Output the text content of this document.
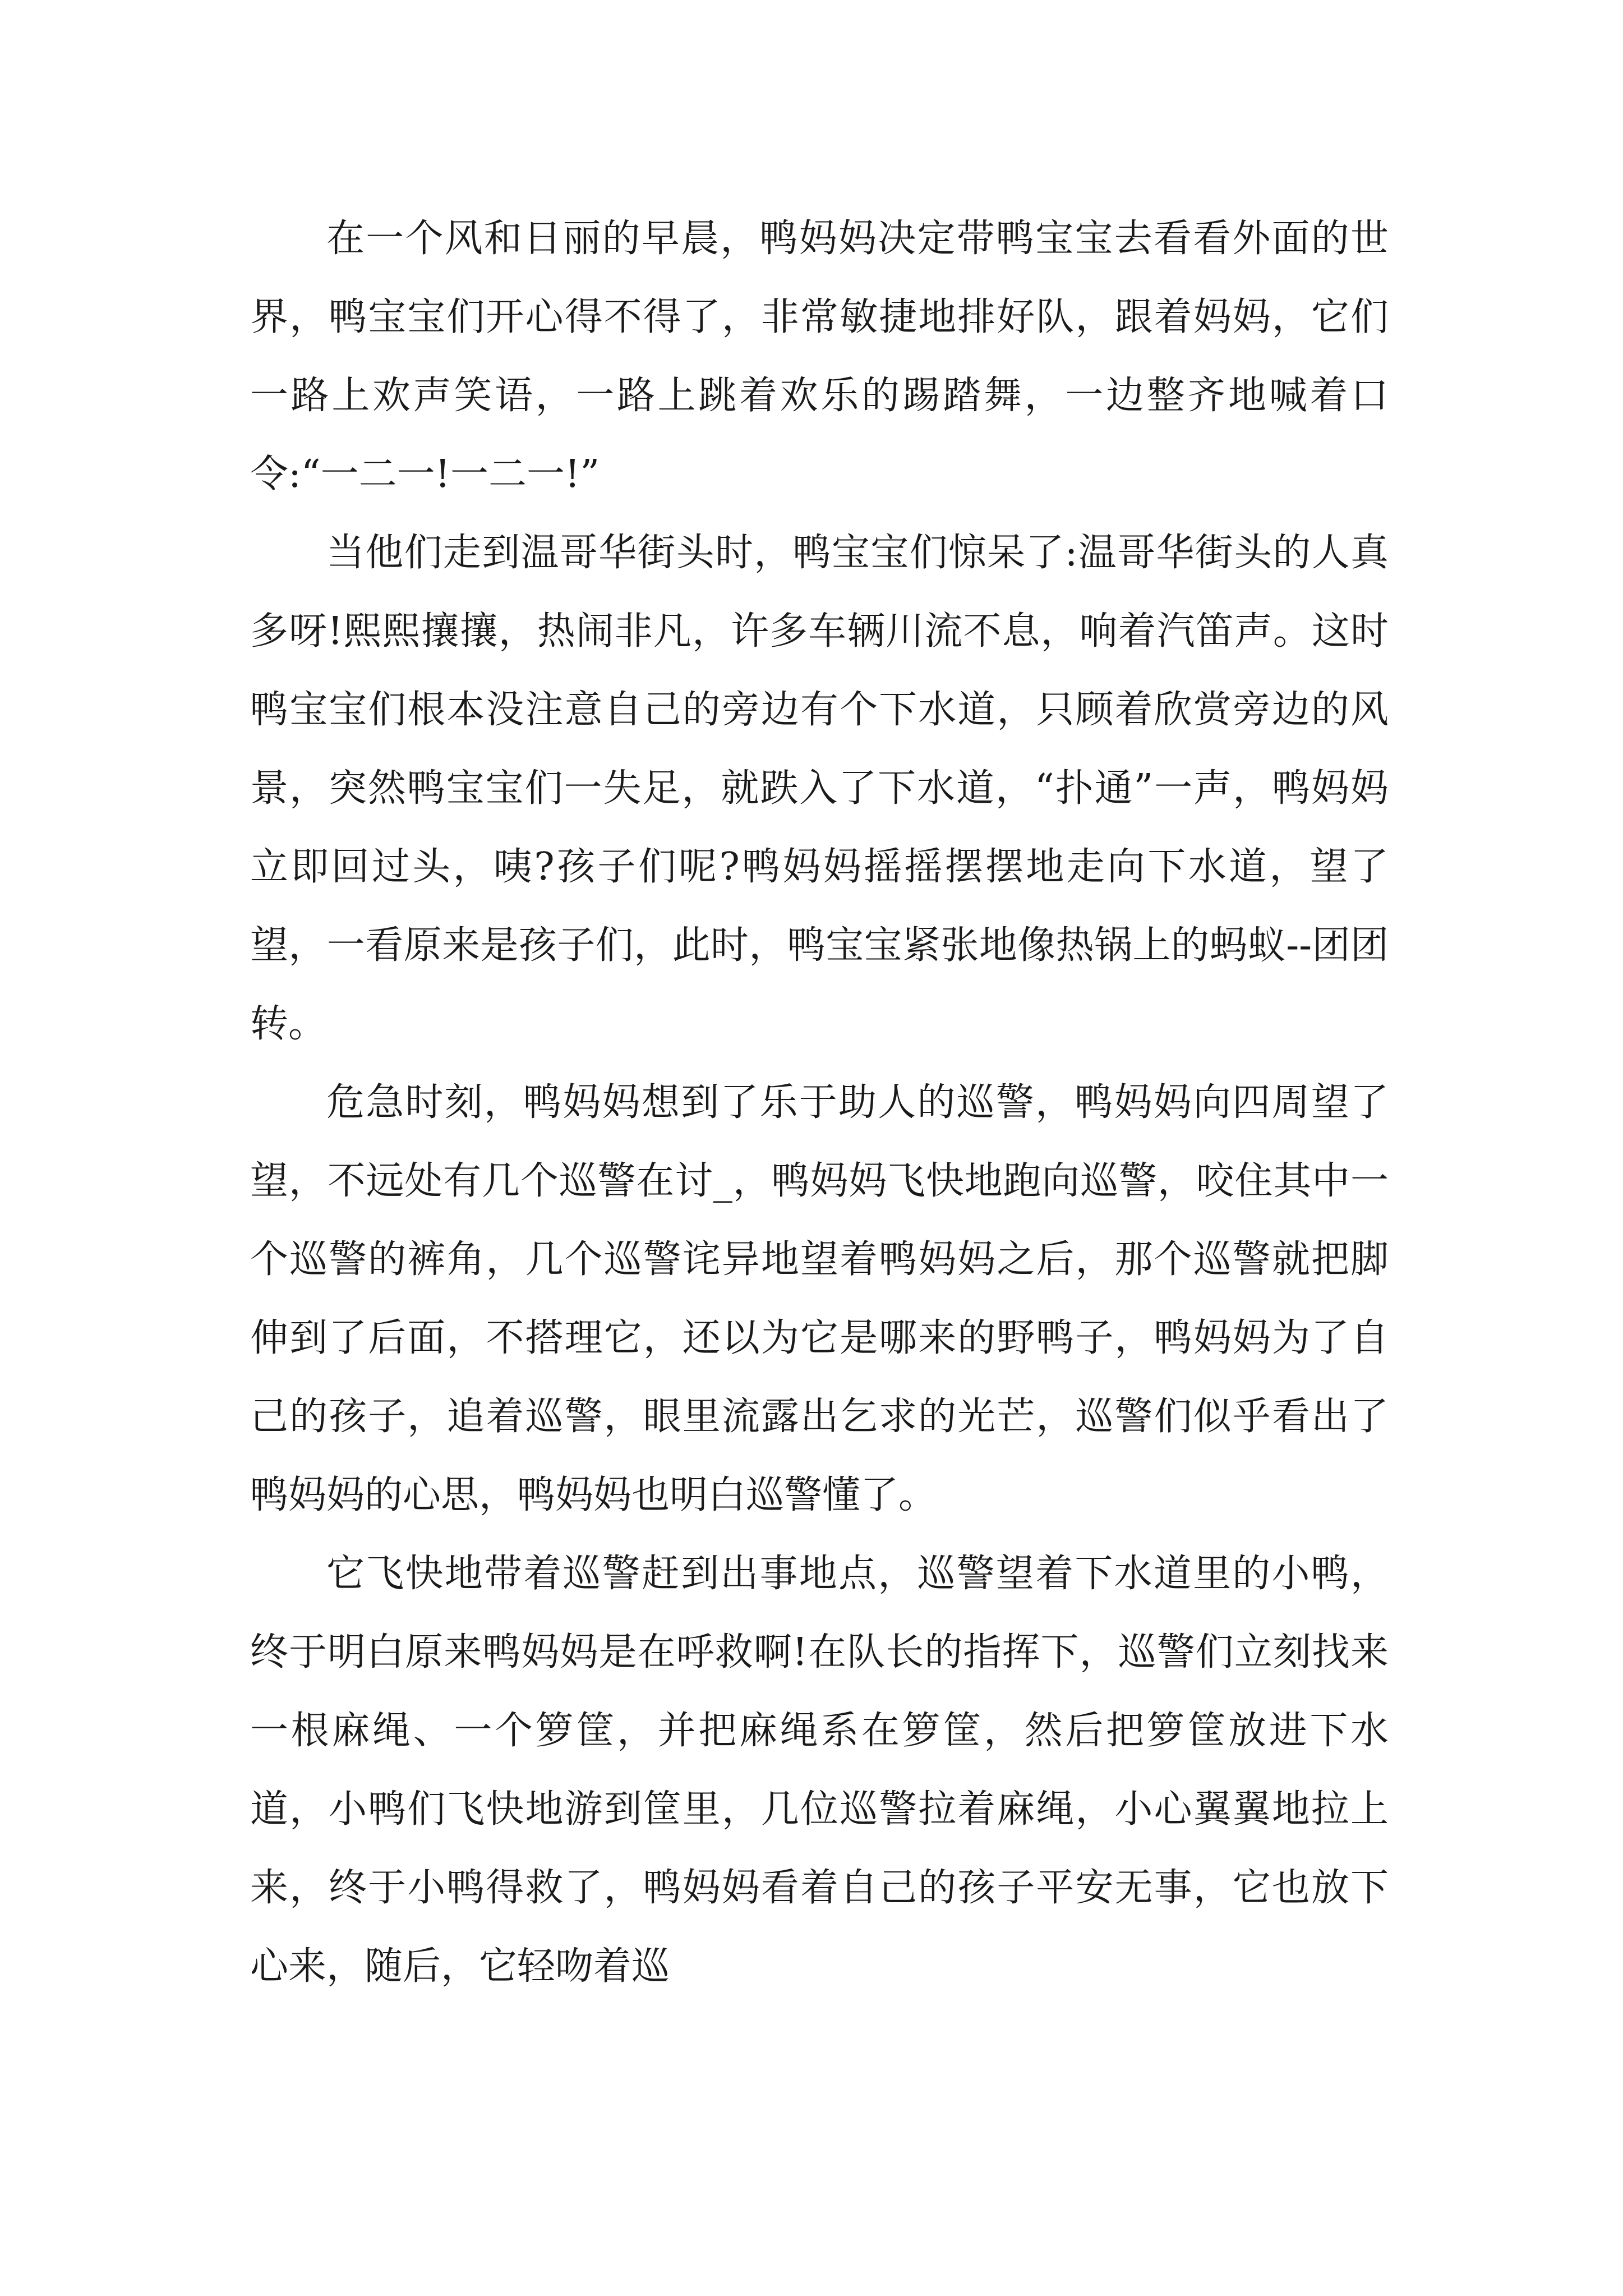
在一个风和日丽的早晨，鸭妈妈决定带鸭宝宝去看看外面的世界，鸭宝宝们开心得不得了，非常敏捷地排好队，跟着妈妈，它们一路上欢声笑语，一路上跳着欢乐的踢踏舞，一边整齐地喊着口令:“一二一!一二一!”

当他们走到温哥华街头时，鸭宝宝们惊呆了:温哥华街头的人真多呀!熙熙攘攘，热闹非凡，许多车辆川流不息，响着汽笛声。这时鸭宝宝们根本没注意自己的旁边有个下水道，只顾着欣赏旁边的风景，突然鸭宝宝们一失足，就跌入了下水道，“扑通”一声，鸭妈妈立即回过头，咦?孩子们呢?鸭妈妈摇摇摆摆地走向下水道，望了望，一看原来是孩子们，此时，鸭宝宝紧张地像热锅上的蚂蚁--团团转。

危急时刻，鸭妈妈想到了乐于助人的巡警，鸭妈妈向四周望了望，不远处有几个巡警在讨_，鸭妈妈飞快地跑向巡警，咬住其中一个巡警的裤角，几个巡警诧异地望着鸭妈妈之后，那个巡警就把脚伸到了后面，不搭理它，还以为它是哪来的野鸭子，鸭妈妈为了自己的孩子，追着巡警，眼里流露出乞求的光芒，巡警们似乎看出了鸭妈妈的心思，鸭妈妈也明白巡警懂了。

它飞快地带着巡警赶到出事地点，巡警望着下水道里的小鸭，终于明白原来鸭妈妈是在呼救啊!在队长的指挥下，巡警们立刻找来一根麻绳、一个箩筐，并把麻绳系在箩筐，然后把箩筐放进下水道，小鸭们飞快地游到筐里，几位巡警拉着麻绳，小心翼翼地拉上来，终于小鸭得救了，鸭妈妈看着自己的孩子平安无事，它也放下心来，随后，它轻吻着巡
